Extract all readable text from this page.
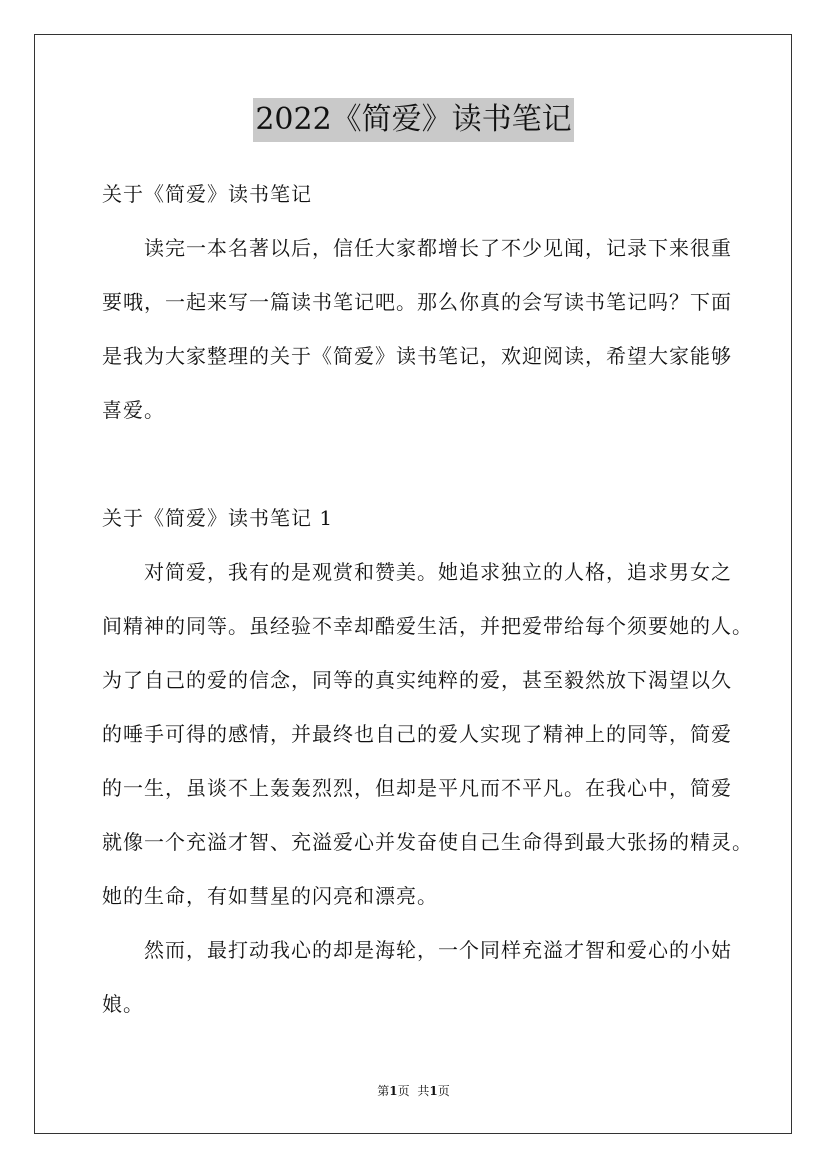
2022《简爱》读书笔记
关于《简爱》读书笔记
　　读完一本名著以后，信任大家都增长了不少见闻，记录下来很重
要哦，一起来写一篇读书笔记吧。那么你真的会写读书笔记吗？下面
是我为大家整理的关于《简爱》读书笔记，欢迎阅读，希望大家能够
喜爱。
关于《简爱》读书笔记 1
　　对简爱，我有的是观赏和赞美。她追求独立的人格，追求男女之
间精神的同等。虽经验不幸却酷爱生活，并把爱带给每个须要她的人。
为了自己的爱的信念，同等的真实纯粹的爱，甚至毅然放下渴望以久
的唾手可得的感情，并最终也自己的爱人实现了精神上的同等，简爱
的一生，虽谈不上轰轰烈烈，但却是平凡而不平凡。在我心中，简爱
就像一个充溢才智、充溢爱心并发奋使自己生命得到最大张扬的精灵。
她的生命，有如彗星的闪亮和漂亮。
　　然而，最打动我心的却是海轮，一个同样充溢才智和爱心的小姑
娘。
第1页 共1页
